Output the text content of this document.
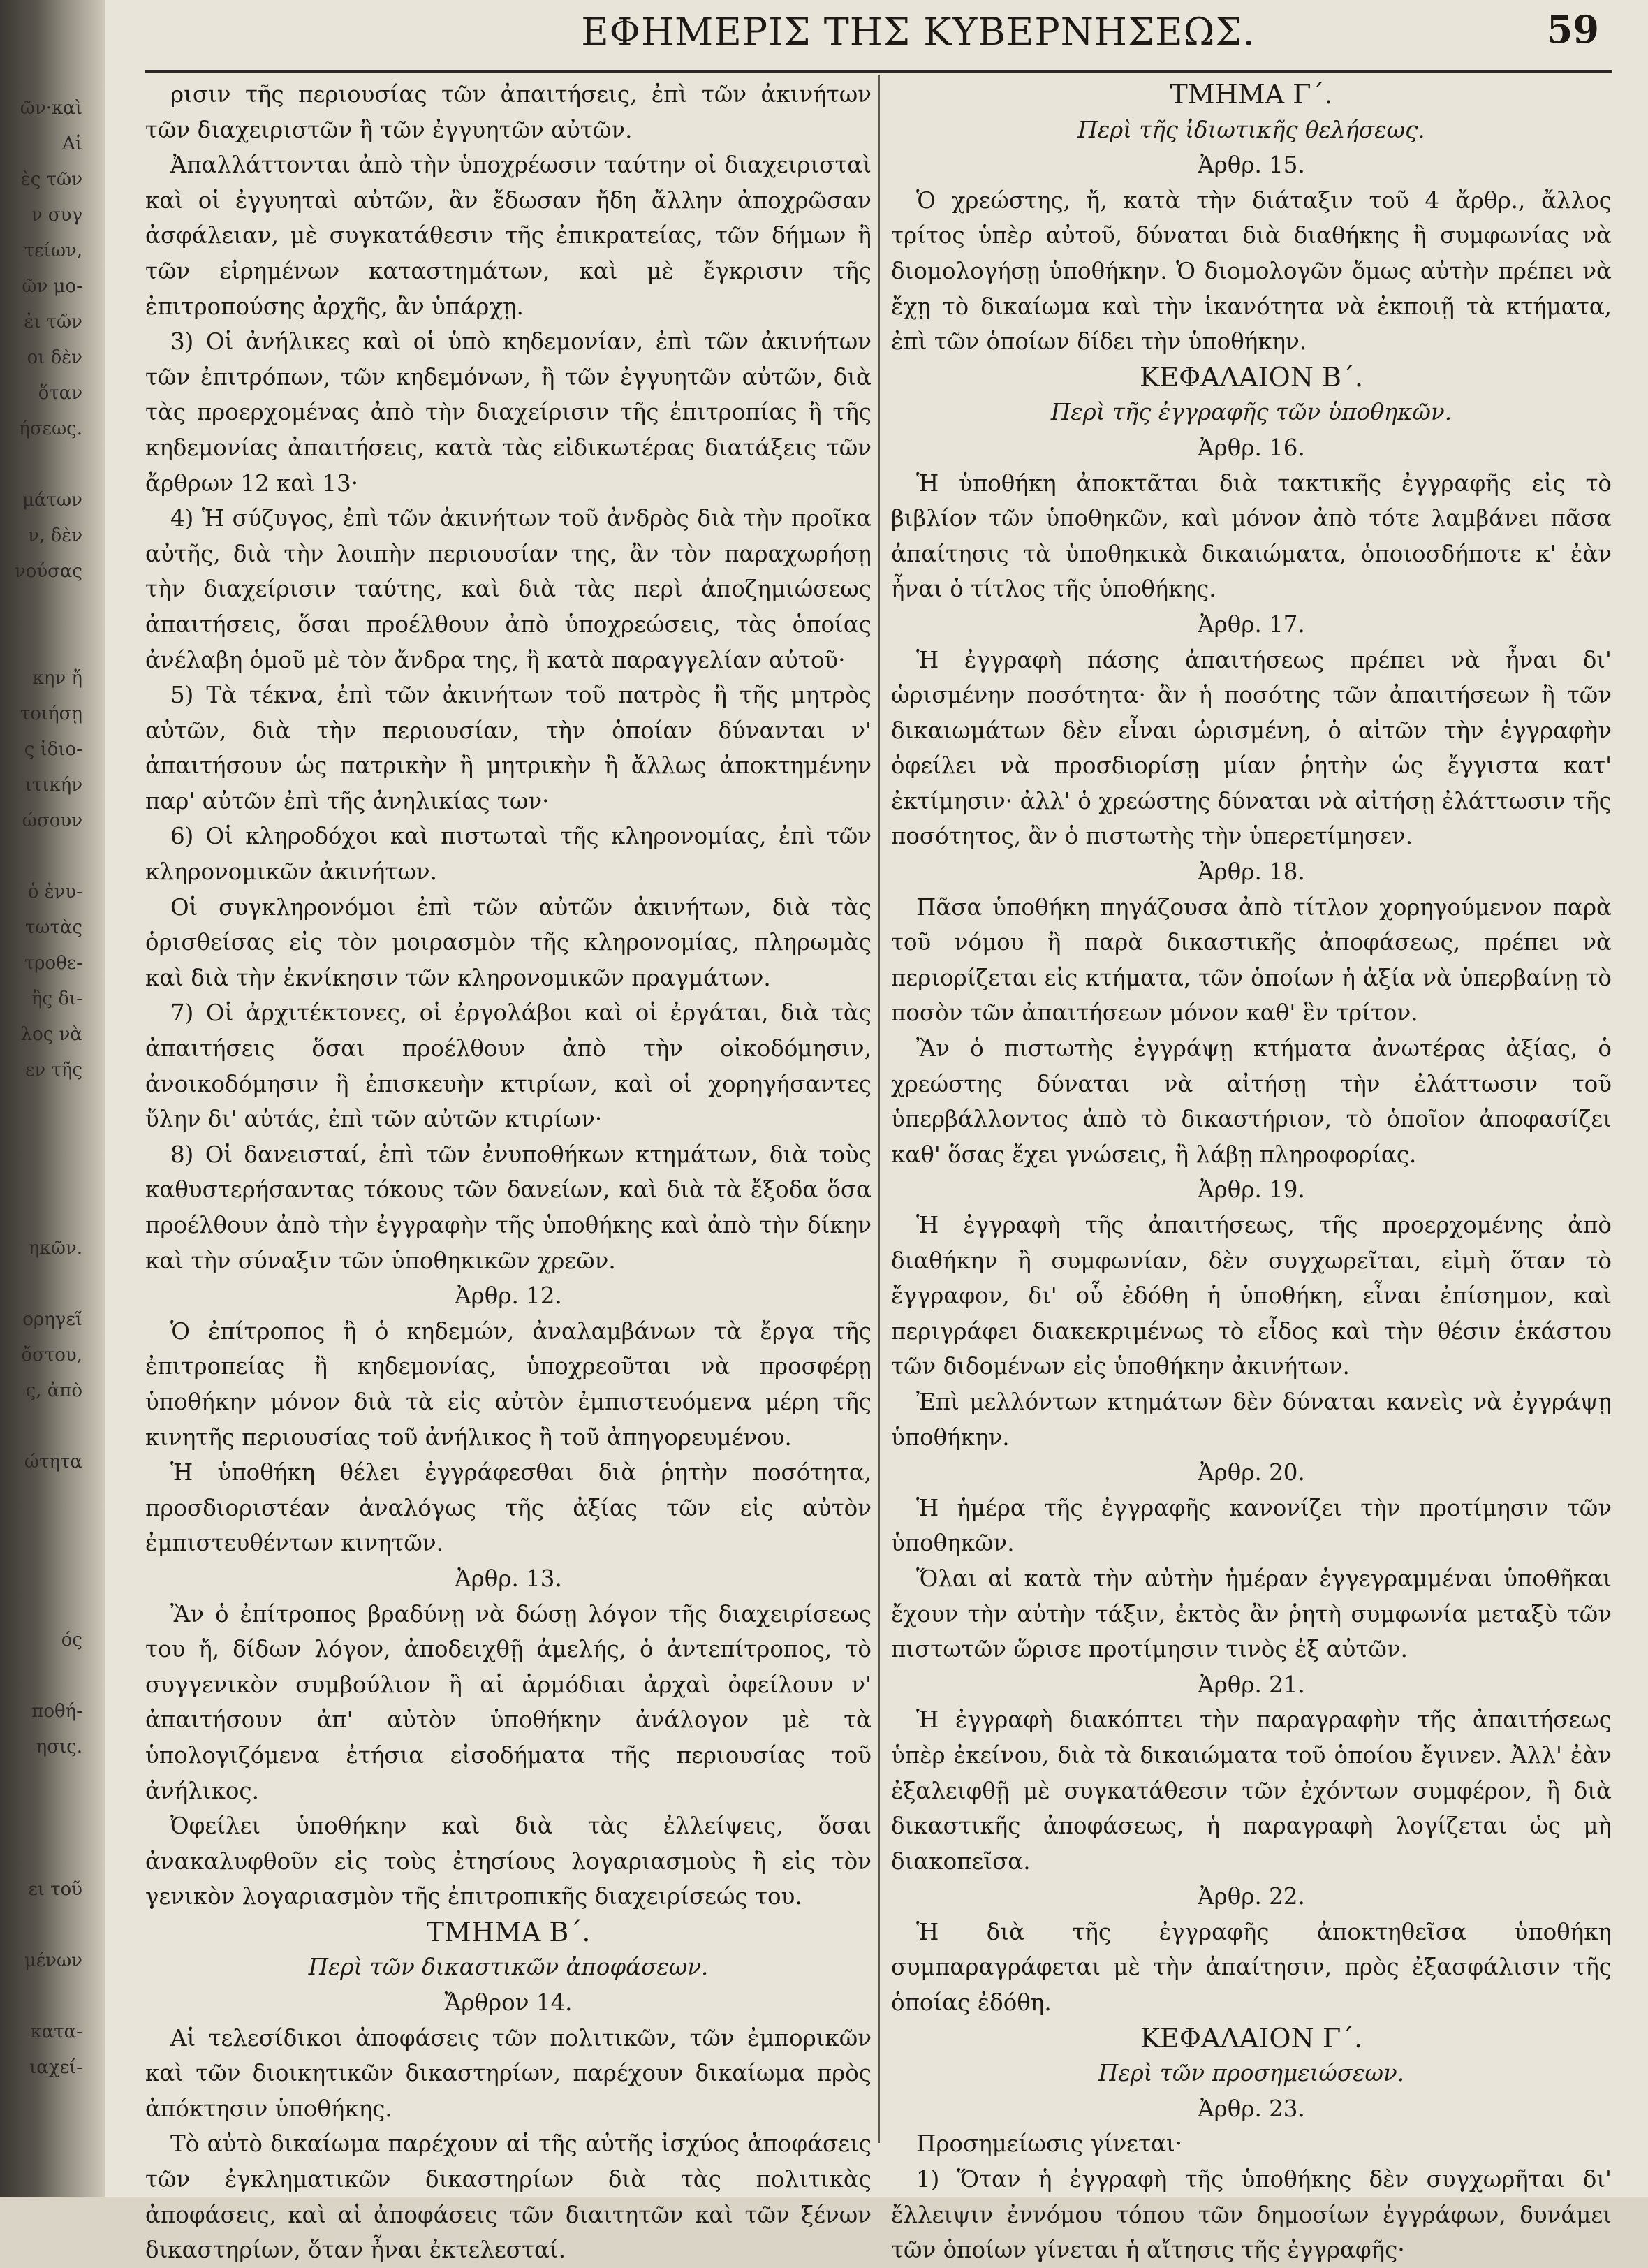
ῶν·καὶ
Αἱ
ὲς τῶν
ν συγ
τείων,
ῶν μο-
ἐι τῶν
οι δὲν
ὅταν
ήσεως.
μάτων
ν, δὲν
νούσας
κην ἤ
τοιήσῃ
ς ἰδιο-
ιτικήν
ώσουν
ὁ ἐνυ-
τωτὰς
τροθε-
ἢς δι-
λος νὰ
εν τῆς
ηκῶν.
ορηγεῖ
ὄστου,
ς, ἀπὸ
ώτητα
ός
ποθή-
ησις.
ει τοῦ
μένων
κατα-
ιαχεί-
ΕΦΗΜΕΡΙΣ ΤΗΣ ΚΥΒΕΡΝΗΣΕΩΣ.	59

ρισιν τῆς περιουσίας τῶν ἀπαιτήσεις, ἐπὶ τῶν ἀκινήτων τῶν διαχειριστῶν ἢ τῶν ἐγγυητῶν αὐτῶν.

Ἀπαλλάττονται ἀπὸ τὴν ὑποχρέωσιν ταύτην οἱ διαχειρισταὶ καὶ οἱ ἐγγυηταὶ αὐτῶν, ἂν ἔδωσαν ἤδη ἄλλην ἀποχρῶσαν ἀσφάλειαν, μὲ συγκατάθεσιν τῆς ἐπικρατείας, τῶν δήμων ἢ τῶν εἰρημένων καταστημάτων, καὶ μὲ ἔγκρισιν τῆς ἐπιτροπούσης ἀρχῆς, ἂν ὑπάρχῃ.

3) Οἱ ἀνήλικες καὶ οἱ ὑπὸ κηδεμονίαν, ἐπὶ τῶν ἀκινήτων τῶν ἐπιτρόπων, τῶν κηδεμόνων, ἢ τῶν ἐγγυητῶν αὐτῶν, διὰ τὰς προερχομένας ἀπὸ τὴν διαχείρισιν τῆς ἐπιτροπίας ἢ τῆς κηδεμονίας ἀπαιτήσεις, κατὰ τὰς εἰδικωτέρας διατάξεις τῶν ἄρθρων 12 καὶ 13·

4) Ἡ σύζυγος, ἐπὶ τῶν ἀκινήτων τοῦ ἀνδρὸς διὰ τὴν προῖκα αὐτῆς, διὰ τὴν λοιπὴν περιουσίαν της, ἂν τὸν παραχωρήσῃ τὴν διαχείρισιν ταύτης, καὶ διὰ τὰς περὶ ἀποζημιώσεως ἀπαιτήσεις, ὅσαι προέλθουν ἀπὸ ὑποχρεώσεις, τὰς ὁποίας ἀνέλαβη ὁμοῦ μὲ τὸν ἄνδρα της, ἢ κατὰ παραγγελίαν αὐτοῦ·

5) Τὰ τέκνα, ἐπὶ τῶν ἀκινήτων τοῦ πατρὸς ἢ τῆς μητρὸς αὐτῶν, διὰ τὴν περιουσίαν, τὴν ὁποίαν δύνανται ν' ἀπαιτήσουν ὡς πατρικὴν ἢ μητρικὴν ἢ ἄλλως ἀποκτημένην παρ' αὐτῶν ἐπὶ τῆς ἀνηλικίας των·

6) Οἱ κληροδόχοι καὶ πιστωταὶ τῆς κληρονομίας, ἐπὶ τῶν κληρονομικῶν ἀκινήτων.

Οἱ συγκληρονόμοι ἐπὶ τῶν αὐτῶν ἀκινήτων, διὰ τὰς ὁρισθείσας εἰς τὸν μοιρασμὸν τῆς κληρονομίας, πληρωμὰς καὶ διὰ τὴν ἐκνίκησιν τῶν κληρονομικῶν πραγμάτων.

7) Οἱ ἀρχιτέκτονες, οἱ ἐργολάβοι καὶ οἱ ἐργάται, διὰ τὰς ἀπαιτήσεις ὅσαι προέλθουν ἀπὸ τὴν οἰκοδόμησιν, ἀνοικοδόμησιν ἢ ἐπισκευὴν κτιρίων, καὶ οἱ χορηγήσαντες ὕλην δι' αὐτάς, ἐπὶ τῶν αὐτῶν κτιρίων·

8) Οἱ δανεισταί, ἐπὶ τῶν ἐνυποθήκων κτημάτων, διὰ τοὺς καθυστερήσαντας τόκους τῶν δανείων, καὶ διὰ τὰ ἔξοδα ὅσα προέλθουν ἀπὸ τὴν ἐγγραφὴν τῆς ὑποθήκης καὶ ἀπὸ τὴν δίκην καὶ τὴν σύναξιν τῶν ὑποθηκικῶν χρεῶν.

Ἀρθρ. 12.

Ὁ ἐπίτροπος ἢ ὁ κηδεμών, ἀναλαμβάνων τὰ ἔργα τῆς ἐπιτροπείας ἢ κηδεμονίας, ὑποχρεοῦται νὰ προσφέρῃ ὑποθήκην μόνον διὰ τὰ εἰς αὐτὸν ἐμπιστευόμενα μέρη τῆς κινητῆς περιουσίας τοῦ ἀνήλικος ἢ τοῦ ἀπηγορευμένου.

Ἡ ὑποθήκη θέλει ἐγγράφεσθαι διὰ ῥητὴν ποσότητα, προσδιοριστέαν ἀναλόγως τῆς ἀξίας τῶν εἰς αὐτὸν ἐμπιστευθέντων κινητῶν.

Ἀρθρ. 13.

Ἂν ὁ ἐπίτροπος βραδύνῃ νὰ δώσῃ λόγον τῆς διαχειρίσεως του ἤ, δίδων λόγον, ἀποδειχθῇ ἀμελής, ὁ ἀντεπίτροπος, τὸ συγγενικὸν συμβούλιον ἢ αἱ ἁρμόδιαι ἀρχαὶ ὀφείλουν ν' ἀπαιτήσουν ἀπ' αὐτὸν ὑποθήκην ἀνάλογον μὲ τὰ ὑπολογιζόμενα ἐτήσια εἰσοδήματα τῆς περιουσίας τοῦ ἀνήλικος.

Ὀφείλει ὑποθήκην καὶ διὰ τὰς ἐλλείψεις, ὅσαι ἀνακαλυφθοῦν εἰς τοὺς ἐτησίους λογαριασμοὺς ἢ εἰς τὸν γενικὸν λογαριασμὸν τῆς ἐπιτροπικῆς διαχειρίσεώς του.

ΤΜΗΜΑ Β΄.

Περὶ τῶν δικαστικῶν ἀποφάσεων.

Ἄρθρον 14.

Αἱ τελεσίδικοι ἀποφάσεις τῶν πολιτικῶν, τῶν ἐμπορικῶν καὶ τῶν διοικητικῶν δικαστηρίων, παρέχουν δικαίωμα πρὸς ἀπόκτησιν ὑποθήκης.

Τὸ αὐτὸ δικαίωμα παρέχουν αἱ τῆς αὐτῆς ἰσχύος ἀποφάσεις τῶν ἐγκληματικῶν δικαστηρίων διὰ τὰς πολιτικὰς ἀποφάσεις, καὶ αἱ ἀποφάσεις τῶν διαιτητῶν καὶ τῶν ξένων δικαστηρίων, ὅταν ἦναι ἐκτελεσταί.

ΤΜΗΜΑ Γ΄.

Περὶ τῆς ἰδιωτικῆς θελήσεως.

Ἀρθρ. 15.

Ὁ χρεώστης, ἤ, κατὰ τὴν διάταξιν τοῦ 4 ἄρθρ., ἄλλος τρίτος ὑπὲρ αὐτοῦ, δύναται διὰ διαθήκης ἢ συμφωνίας νὰ διομολογήσῃ ὑποθήκην. Ὁ διομολογῶν ὅμως αὐτὴν πρέπει νὰ ἔχῃ τὸ δικαίωμα καὶ τὴν ἱκανότητα νὰ ἐκποιῇ τὰ κτήματα, ἐπὶ τῶν ὁποίων δίδει τὴν ὑποθήκην.

ΚΕΦΑΛΑΙΟΝ Β΄.

Περὶ τῆς ἐγγραφῆς τῶν ὑποθηκῶν.

Ἀρθρ. 16.

Ἡ ὑποθήκη ἀποκτᾶται διὰ τακτικῆς ἐγγραφῆς εἰς τὸ βιβλίον τῶν ὑποθηκῶν, καὶ μόνον ἀπὸ τότε λαμβάνει πᾶσα ἀπαίτησις τὰ ὑποθηκικὰ δικαιώματα, ὁποιοσδήποτε κ' ἐὰν ἦναι ὁ τίτλος τῆς ὑποθήκης.

Ἀρθρ. 17.

Ἡ ἐγγραφὴ πάσης ἀπαιτήσεως πρέπει νὰ ἦναι δι' ὡρισμένην ποσότητα· ἂν ἡ ποσότης τῶν ἀπαιτήσεων ἢ τῶν δικαιωμάτων δὲν εἶναι ὡρισμένη, ὁ αἰτῶν τὴν ἐγγραφὴν ὀφείλει νὰ προσδιορίσῃ μίαν ῥητὴν ὡς ἔγγιστα κατ' ἐκτίμησιν· ἀλλ' ὁ χρεώστης δύναται νὰ αἰτήσῃ ἐλάττωσιν τῆς ποσότητος, ἂν ὁ πιστωτὴς τὴν ὑπερετίμησεν.

Ἀρθρ. 18.

Πᾶσα ὑποθήκη πηγάζουσα ἀπὸ τίτλον χορηγούμενον παρὰ τοῦ νόμου ἢ παρὰ δικαστικῆς ἀποφάσεως, πρέπει νὰ περιορίζεται εἰς κτήματα, τῶν ὁποίων ἡ ἀξία νὰ ὑπερβαίνῃ τὸ ποσὸν τῶν ἀπαιτήσεων μόνον καθ' ἓν τρίτον.

Ἂν ὁ πιστωτὴς ἐγγράψῃ κτήματα ἀνωτέρας ἀξίας, ὁ χρεώστης δύναται νὰ αἰτήσῃ τὴν ἐλάττωσιν τοῦ ὑπερβάλλοντος ἀπὸ τὸ δικαστήριον, τὸ ὁποῖον ἀποφασίζει καθ' ὅσας ἔχει γνώσεις, ἢ λάβῃ πληροφορίας.

Ἀρθρ. 19.

Ἡ ἐγγραφὴ τῆς ἀπαιτήσεως, τῆς προερχομένης ἀπὸ διαθήκην ἢ συμφωνίαν, δὲν συγχωρεῖται, εἰμὴ ὅταν τὸ ἔγγραφον, δι' οὗ ἐδόθη ἡ ὑποθήκη, εἶναι ἐπίσημον, καὶ περιγράφει διακεκριμένως τὸ εἶδος καὶ τὴν θέσιν ἑκάστου τῶν διδομένων εἰς ὑποθήκην ἀκινήτων.

Ἐπὶ μελλόντων κτημάτων δὲν δύναται κανεὶς νὰ ἐγγράψῃ ὑποθήκην.

Ἀρθρ. 20.

Ἡ ἡμέρα τῆς ἐγγραφῆς κανονίζει τὴν προτίμησιν τῶν ὑποθηκῶν.

Ὅλαι αἱ κατὰ τὴν αὐτὴν ἡμέραν ἐγγεγραμμέναι ὑποθῆκαι ἔχουν τὴν αὐτὴν τάξιν, ἐκτὸς ἂν ῥητὴ συμφωνία μεταξὺ τῶν πιστωτῶν ὥρισε προτίμησιν τινὸς ἐξ αὐτῶν.

Ἀρθρ. 21.

Ἡ ἐγγραφὴ διακόπτει τὴν παραγραφὴν τῆς ἀπαιτήσεως ὑπὲρ ἐκείνου, διὰ τὰ δικαιώματα τοῦ ὁποίου ἔγινεν. Ἀλλ' ἐὰν ἐξαλειφθῇ μὲ συγκατάθεσιν τῶν ἐχόντων συμφέρον, ἢ διὰ δικαστικῆς ἀποφάσεως, ἡ παραγραφὴ λογίζεται ὡς μὴ διακοπεῖσα.

Ἀρθρ. 22.

Ἡ διὰ τῆς ἐγγραφῆς ἀποκτηθεῖσα ὑποθήκη συμπαραγράφεται μὲ τὴν ἀπαίτησιν, πρὸς ἐξασφάλισιν τῆς ὁποίας ἐδόθη.

ΚΕΦΑΛΑΙΟΝ Γ΄.

Περὶ τῶν προσημειώσεων.

Ἀρθρ. 23.

Προσημείωσις γίνεται·

1) Ὅταν ἡ ἐγγραφὴ τῆς ὑποθήκης δὲν συγχωρῆται δι' ἔλλειψιν ἐννόμου τόπου τῶν δημοσίων ἐγγράφων, δυνάμει τῶν ὁποίων γίνεται ἡ αἴτησις τῆς ἐγγραφῆς·
